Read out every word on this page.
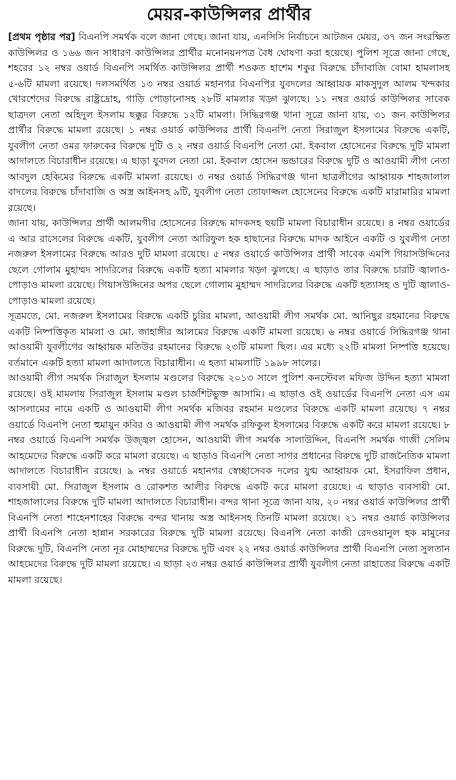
মেয়র-কাউন্সিলর প্রার্থীর

[প্রথম পৃষ্ঠার পর] বিএনপি সমর্থক বলে জানা গেছে। জানা যায়, এনসিসি নির্বাচনে আটজন মেয়র, ৩৭ জন সংরক্ষিত কাউন্সিলর ও ১৬৬ জন সাধারণ কাউন্সিলর প্রার্থীর মনোনয়নপত্র বৈধ ঘোষণা করা হয়েছে। পুলিশ সূত্রে জানা গেছে, শহরের ১২ নম্বর ওয়ার্ড বিএনপি সমর্থিত কাউন্সিলর প্রার্থী শওকত হাশেম শকুর বিরুদ্ধে চাঁদাবাজি বোমা হামলাসহ ৫-৬টি মামলা রয়েছে। দলসমর্থিত ১৩ নম্বর ওয়ার্ড মহানগর বিএনপির যুবদলের আহ্বায়ক মাকসুদুল আলম খন্দকার খোরশেদের বিরুদ্ধে রাষ্ট্রদ্রোহ, গাড়ি পোড়ানোসহ ২৮টি মামলার খড়্গ ঝুলছে। ১১ নম্বর ওয়ার্ড কাউন্সিলর সাবেক ছাত্রদল নেতা অহিদুল ইসলাম ছক্কুর বিরুদ্ধে ১২টি মামলা। সিদ্ধিরগঞ্জ থানা সূত্রে জানা যায়, ৩১ জন কাউন্সিলর প্রার্থীর বিরুদ্ধে মামলা রয়েছে। ১ নম্বর ওয়ার্ড কাউন্সিলর প্রার্থী বিএনপি নেতা সিরাজুল ইসলামের বিরুদ্ধে একটি, যুবলীগ নেতা ওমর ফারুকের বিরুদ্ধে দুটি ও ২ নম্বর ওয়ার্ড বিএনপি নেতা মো. ইকবাল হোসেনের বিরুদ্ধে দুটি মামলা আদালতে বিচারাধীন রয়েছে। এ ছাড়া যুবদল নেতা মো. ইকবাল হোসেন ভন্ডারের বিরুদ্ধে দুটি ও আওয়ামী লীগ নেতা আবদুল হেকিমের বিরুদ্ধে একটি মামলা রয়েছে। ৩ নম্বর ওয়ার্ড সিদ্ধিরগঞ্জ থানা ছাত্রলীগের আহ্বায়ক শাহজালাল বাদলের বিরুদ্ধে চাঁদাবাজি ও অস্ত্র আইনসহ ৯টি, যুবলীগ নেতা তোফাজ্জল হোসেনের বিরুদ্ধে একটি মারামারির মামলা রয়েছে।

জানা যায়, কাউন্সিলর প্রার্থী আলমগীর হোসেনের বিরুদ্ধে মাদকসহ ছয়টি মামলা বিচারাধীন রয়েছে। ৪ নম্বর ওয়ার্ডের এ আর রাসেলের বিরুদ্ধে একটি, যুবলীগ নেতা আরিফুল হক হাছানের বিরুদ্ধে মাদক আইনে একটি ও যুবলীগ নেতা নজরুল ইসলামের বিরুদ্ধে আরও দুটি মামলা রয়েছে। ৫ নম্বর ওয়ার্ডে কাউন্সিলর প্রার্থী সাবেক এমপি গিয়াসউদ্দিনের ছেলে গোলাম মুহাম্মদ সাদরিলের বিরুদ্ধে একটি হত্যা মামলার খড়্গ ঝুলছে। এ ছাড়াও তার বিরুদ্ধে চারটি জ্বালাও-পোড়াও মামলা রয়েছে। গিয়াসউদ্দিনের অপর ছেলে গোলাম মুহাম্মদ সাদরিলের বিরুদ্ধে একটি হত্যাসহ ও দুটি জ্বালাও-পোড়াও মামলা রয়েছে।

সূত্রমতে, মো. নজরুল ইসলামের বিরুদ্ধে একটি চুরির মামলা, আওয়ামী লীগ সমর্থক মো. আনিছুর রহমানের বিরুদ্ধে একটি নিষ্পত্তিকৃত মামলা ও মো. জাহাঙ্গীর আলমের বিরুদ্ধে একটি মামলা রয়েছে। ৬ নম্বর ওয়ার্ডে সিদ্ধিরগঞ্জ থানা আওয়ামী যুবলীগের আহ্বায়ক মতিউর রহমানের বিরুদ্ধে ২৩টি মামলা ছিল। এর মধ্যে ২২টি মামলা নিষ্পত্তি হয়েছে। বর্তমানে একটি হত্যা মামলা আদালতে বিচারাধীন। এ হত্যা মামলাটি ১৯৯৮ সালের।

আওয়ামী লীগ সমর্থক সিরাজুল ইসলাম মণ্ডলের বিরুদ্ধে ২০১৩ সালে পুলিশ কনস্টেবল মফিজ উদ্দিন হত্যা মামলা রয়েছে। ওই মামলায় সিরাজুল ইসলাম মণ্ডল চার্জশিটভুক্ত আসামি। এ ছাড়াও ওই ওয়ার্ডের বিএনপি নেতা এস এম আসলামের নামে একটি ও আওয়ামী লীগ সমর্থক মজিবর রহমান মণ্ডলের বিরুদ্ধে একটি মামলা রয়েছে। ৭ নম্বর ওয়ার্ডে বিএনপি নেতা হুমায়ুন কবির ও আওয়ামী লীগ সমর্থক রফিকুল ইসলামের বিরুদ্ধে একটি করে মামলা রয়েছে। ৮ নম্বর ওয়ার্ডে বিএনপি সমর্থক উজ্জ্বল হোসেন, আওয়ামী লীগ সমর্থক সালাউদ্দিন, বিএনপি সমর্থক গাজী সেলিম আহমেদের বিরুদ্ধে একটি করে মামলা রয়েছে। এ ছাড়াও বিএনপি নেতা সাগর প্রধানের বিরুদ্ধে দুটি রাজনৈতিক মামলা আদালতে বিচারাধীন রয়েছে। ৯ নম্বর ওয়ার্ডে মহানগর স্বেচ্ছাসেবক দলের যুগ্ম আহ্বায়ক মো. ইসরাফিল প্রধান, ব্যবসায়ী মো. সিরাজুল ইসলাম ও রোকশত আলীর বিরুদ্ধে একটি করে মামলা রয়েছে। এ ছাড়াও ব্যবসায়ী মো. শাহজালালের বিরুদ্ধে দুটি মামলা আদালতে বিচারাধীন। বন্দর থানা সূত্রে জানা যায়, ২০ নম্বর ওয়ার্ড কাউন্সিলর প্রার্থী বিএনপি নেতা শাহেনশাহের বিরুদ্ধে বন্দর থানায় অস্ত্র আইনসহ তিনটি মামলা রয়েছে। ২১ নম্বর ওয়ার্ড কাউন্সিলর প্রার্থী বিএনপি নেতা হান্নান সরকারের বিরুদ্ধে দুটি মামলা রয়েছে। বিএনপি নেতা কাজী রেদওয়ানুল হক মামুনের বিরুদ্ধে দুটি, বিএনপি নেতা নূর মোহাম্মদের বিরুদ্ধে দুটি এবং ২২ নম্বর ওয়ার্ড কাউন্সিলর প্রার্থী বিএনপি নেতা সুলতান আহমেদের বিরুদ্ধে দুটি মামলা রয়েছে। এ ছাড়া ২৩ নম্বর ওয়ার্ড কাউন্সিলর প্রার্থী যুবলীগ নেতা রাহাতের বিরুদ্ধে একটি মামলা রয়েছে।
